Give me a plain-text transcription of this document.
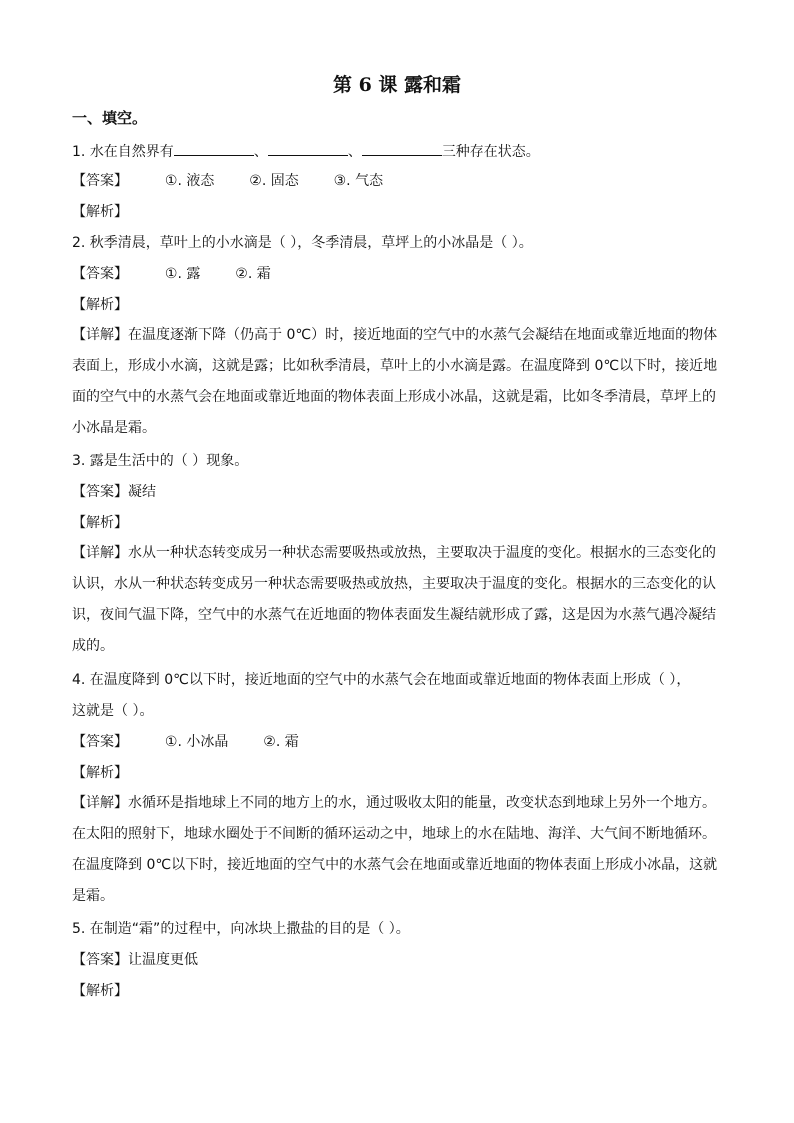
第 6 课 露和霜
一、填空。
1. 水在自然界有	、	、	三种存在状态。
【答案】	①. 液态 ②. 固态 ③. 气态
【解析】
2. 秋季清晨，草叶上的小水滴是（ ），冬季清晨，草坪上的小冰晶是（ ）。
【答案】	①. 露 ②. 霜
【解析】
【详解】在温度逐渐下降（仍高于 0℃）时，接近地面的空气中的水蒸气会凝结在地面或靠近地面的物体表面上，形成小水滴，这就是露；比如秋季清晨，草叶上的小水滴是露。在温度降到 0℃以下时，接近地面的空气中的水蒸气会在地面或靠近地面的物体表面上形成小冰晶，这就是霜，比如冬季清晨，草坪上的小冰晶是霜。
3. 露是生活中的（ ）现象。
【答案】凝结
【解析】
【详解】水从一种状态转变成另一种状态需要吸热或放热，主要取决于温度的变化。根据水的三态变化的认识，水从一种状态转变成另一种状态需要吸热或放热，主要取决于温度的变化。根据水的三态变化的认识，夜间气温下降，空气中的水蒸气在近地面的物体表面发生凝结就形成了露，这是因为水蒸气遇冷凝结成的。
4. 在温度降到 0℃以下时，接近地面的空气中的水蒸气会在地面或靠近地面的物体表面上形成（ ），
这就是（ ）。
【答案】	①. 小冰晶 ②. 霜
【解析】
【详解】水循环是指地球上不同的地方上的水，通过吸收太阳的能量，改变状态到地球上另外一个地方。在太阳的照射下，地球水圈处于不间断的循环运动之中，地球上的水在陆地、海洋、大气间不断地循环。在温度降到 0℃以下时，接近地面的空气中的水蒸气会在地面或靠近地面的物体表面上形成小冰晶，这就是霜。
5. 在制造“霜”的过程中，向冰块上撒盐的目的是（ ）。
【答案】让温度更低
【解析】
